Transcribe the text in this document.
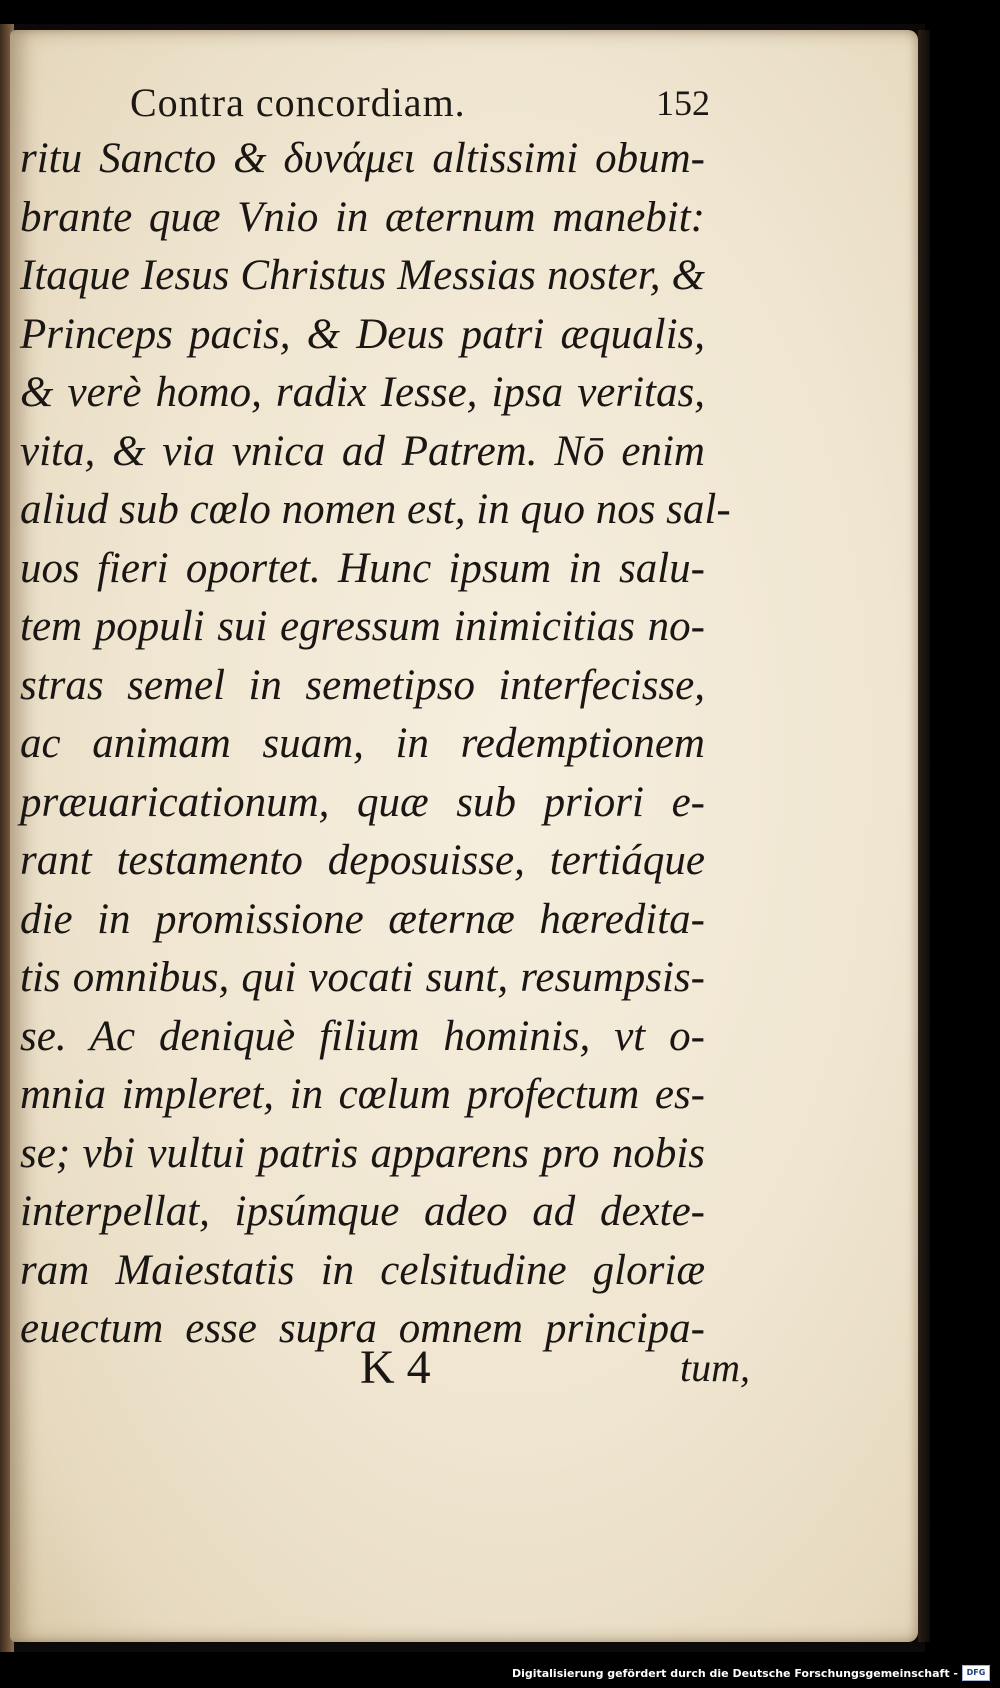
Contra concordiam.	152
ritu Sancto & δυνάμει altissimi obum-
brante quæ Vnio in æternum manebit:
Itaque Iesus Christus Messias noster, &
Princeps pacis, & Deus patri æqualis,
& verè homo, radix Iesse, ipsa veritas,
vita, & via vnica ad Patrem. Nō enim
aliud sub cœlo nomen est, in quo nos sal-
uos fieri oportet. Hunc ipsum in salu-
tem populi sui egressum inimicitias no-
stras semel in semetipso interfecisse,
ac animam suam, in redemptionem
præuaricationum, quæ sub priori e-
rant testamento deposuisse, tertiáque
die in promissione æternæ hæredita-
tis omnibus, qui vocati sunt, resumpsis-
se. Ac deniquè filium hominis, vt o-
mnia impleret, in cœlum profectum es-
se; vbi vultui patris apparens pro nobis
interpellat, ipsúmque adeo ad dexte-
ram Maiestatis in celsitudine gloriæ
euectum esse supra omnem principa-
K 4	tum,
Digitalisierung gefördert durch die Deutsche Forschungsgemeinschaft -	DFG
